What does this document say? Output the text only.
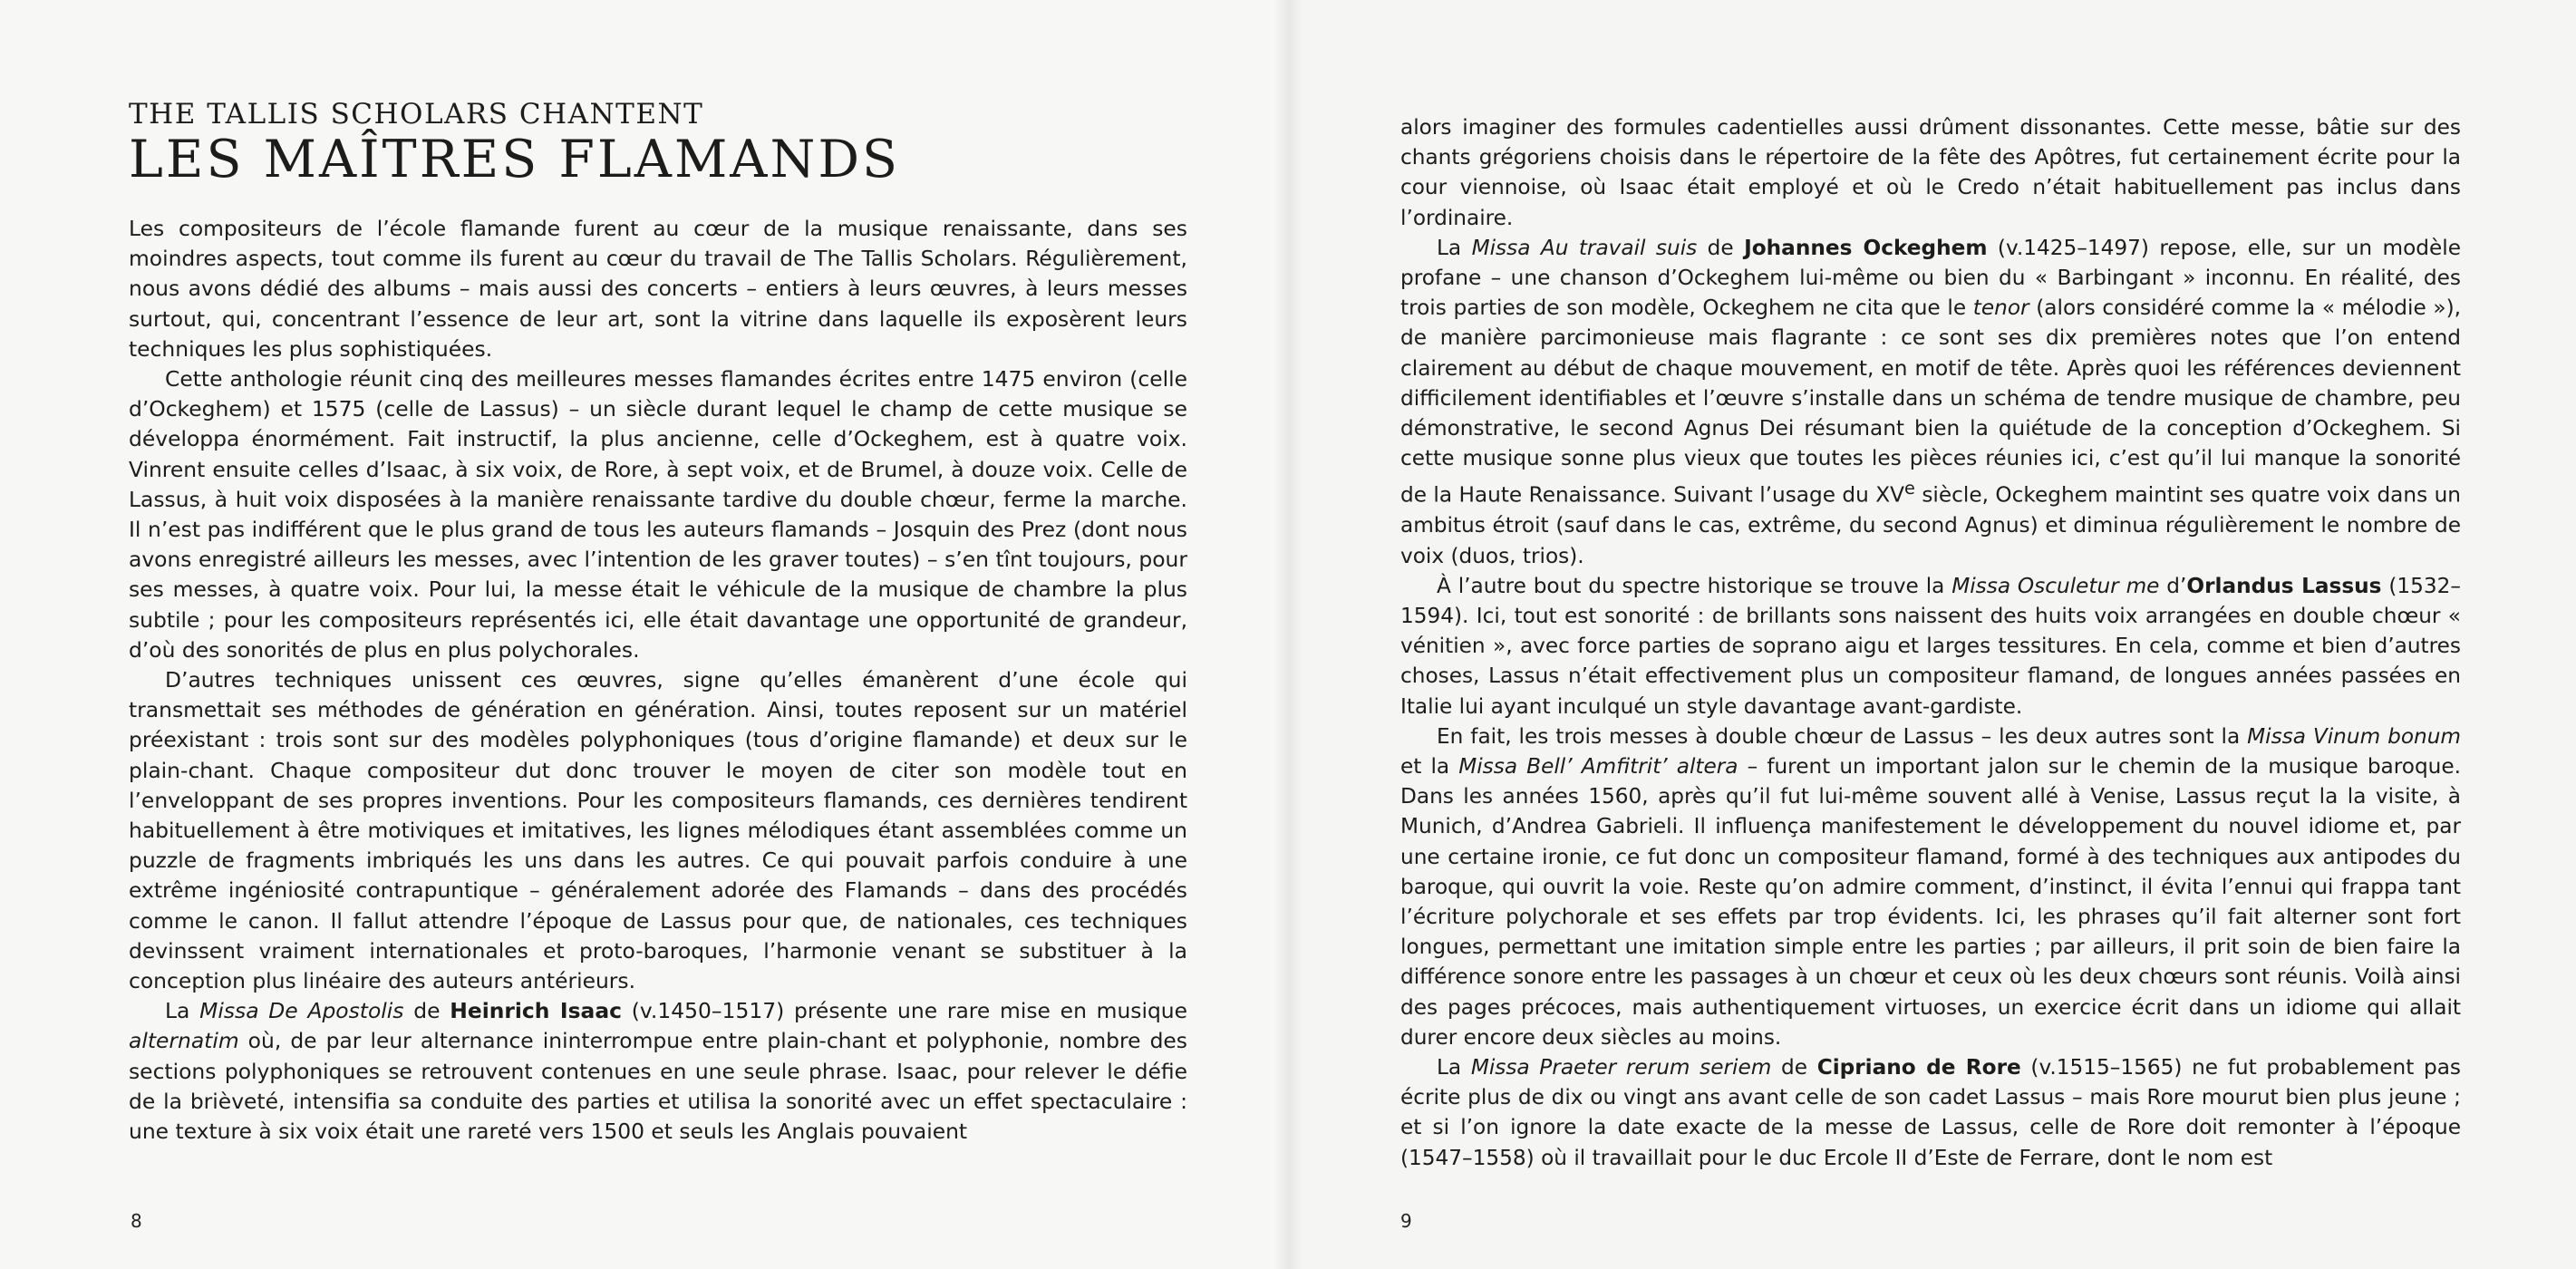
THE TALLIS SCHOLARS CHANTENT

LES MAÎTRES FLAMANDS

Les compositeurs de l’école flamande furent au cœur de la musique renaissante, dans ses moindres aspects, tout comme ils furent au cœur du travail de The Tallis Scholars. Régulièrement, nous avons dédié des albums – mais aussi des concerts – entiers à leurs œuvres, à leurs messes surtout, qui, concentrant l’essence de leur art, sont la vitrine dans laquelle ils exposèrent leurs techniques les plus sophistiquées.

Cette anthologie réunit cinq des meilleures messes flamandes écrites entre 1475 environ (celle d’Ockeghem) et 1575 (celle de Lassus) – un siècle durant lequel le champ de cette musique se développa énormément. Fait instructif, la plus ancienne, celle d’Ockeghem, est à quatre voix. Vinrent ensuite celles d’Isaac, à six voix, de Rore, à sept voix, et de Brumel, à douze voix. Celle de Lassus, à huit voix disposées à la manière renaissante tardive du double chœur, ferme la marche. Il n’est pas indifférent que le plus grand de tous les auteurs flamands – Josquin des Prez (dont nous avons enregistré ailleurs les messes, avec l’intention de les graver toutes) – s’en tînt toujours, pour ses messes, à quatre voix. Pour lui, la messe était le véhicule de la musique de chambre la plus subtile ; pour les compositeurs représentés ici, elle était davantage une opportunité de grandeur, d’où des sonorités de plus en plus polychorales.

D’autres techniques unissent ces œuvres, signe qu’elles émanèrent d’une école qui transmettait ses méthodes de génération en génération. Ainsi, toutes reposent sur un matériel préexistant : trois sont sur des modèles polyphoniques (tous d’origine flamande) et deux sur le plain-chant. Chaque compositeur dut donc trouver le moyen de citer son modèle tout en l’enveloppant de ses propres inventions. Pour les compositeurs flamands, ces dernières tendirent habituellement à être motiviques et imitatives, les lignes mélodiques étant assemblées comme un puzzle de fragments imbriqués les uns dans les autres. Ce qui pouvait parfois conduire à une extrême ingéniosité contrapuntique – généralement adorée des Flamands – dans des procédés comme le canon. Il fallut attendre l’époque de Lassus pour que, de nationales, ces techniques devinssent vraiment internationales et proto-baroques, l’harmonie venant se substituer à la conception plus linéaire des auteurs antérieurs.

La Missa De Apostolis de Heinrich Isaac (v.1450–1517) présente une rare mise en musique alternatim où, de par leur alternance ininterrompue entre plain-chant et polyphonie, nombre des sections polyphoniques se retrouvent contenues en une seule phrase. Isaac, pour relever le défie de la brièveté, intensifia sa conduite des parties et utilisa la sonorité avec un effet spectaculaire : une texture à six voix était une rareté vers 1500 et seuls les Anglais pouvaient

8

alors imaginer des formules cadentielles aussi drûment dissonantes. Cette messe, bâtie sur des chants grégoriens choisis dans le répertoire de la fête des Apôtres, fut certainement écrite pour la cour viennoise, où Isaac était employé et où le Credo n’était habituellement pas inclus dans l’ordinaire.

La Missa Au travail suis de Johannes Ockeghem (v.1425–1497) repose, elle, sur un modèle profane – une chanson d’Ockeghem lui-même ou bien du « Barbingant » inconnu. En réalité, des trois parties de son modèle, Ockeghem ne cita que le tenor (alors considéré comme la « mélodie »), de manière parcimonieuse mais flagrante : ce sont ses dix premières notes que l’on entend clairement au début de chaque mouvement, en motif de tête. Après quoi les références deviennent difficilement identifiables et l’œuvre s’installe dans un schéma de tendre musique de chambre, peu démonstrative, le second Agnus Dei résumant bien la quiétude de la conception d’Ockeghem. Si cette musique sonne plus vieux que toutes les pièces réunies ici, c’est qu’il lui manque la sonorité de la Haute Renaissance. Suivant l’usage du XVe siècle, Ockeghem maintint ses quatre voix dans un ambitus étroit (sauf dans le cas, extrême, du second Agnus) et diminua régulièrement le nombre de voix (duos, trios).

À l’autre bout du spectre historique se trouve la Missa Osculetur me d’Orlandus Lassus (1532–1594). Ici, tout est sonorité : de brillants sons naissent des huits voix arrangées en double chœur « vénitien », avec force parties de soprano aigu et larges tessitures. En cela, comme et bien d’autres choses, Lassus n’était effectivement plus un compositeur flamand, de longues années passées en Italie lui ayant inculqué un style davantage avant-gardiste.

En fait, les trois messes à double chœur de Lassus – les deux autres sont la Missa Vinum bonum et la Missa Bell’ Amfitrit’ altera – furent un important jalon sur le chemin de la musique baroque. Dans les années 1560, après qu’il fut lui-même souvent allé à Venise, Lassus reçut la la visite, à Munich, d’Andrea Gabrieli. Il influença manifestement le développement du nouvel idiome et, par une certaine ironie, ce fut donc un compositeur flamand, formé à des techniques aux antipodes du baroque, qui ouvrit la voie. Reste qu’on admire comment, d’instinct, il évita l’ennui qui frappa tant l’écriture polychorale et ses effets par trop évidents. Ici, les phrases qu’il fait alterner sont fort longues, permettant une imitation simple entre les parties ; par ailleurs, il prit soin de bien faire la différence sonore entre les passages à un chœur et ceux où les deux chœurs sont réunis. Voilà ainsi des pages précoces, mais authentiquement virtuoses, un exercice écrit dans un idiome qui allait durer encore deux siècles au moins.

La Missa Praeter rerum seriem de Cipriano de Rore (v.1515–1565) ne fut probablement pas écrite plus de dix ou vingt ans avant celle de son cadet Lassus – mais Rore mourut bien plus jeune ; et si l’on ignore la date exacte de la messe de Lassus, celle de Rore doit remonter à l’époque (1547–1558) où il travaillait pour le duc Ercole II d’Este de Ferrare, dont le nom est

9
